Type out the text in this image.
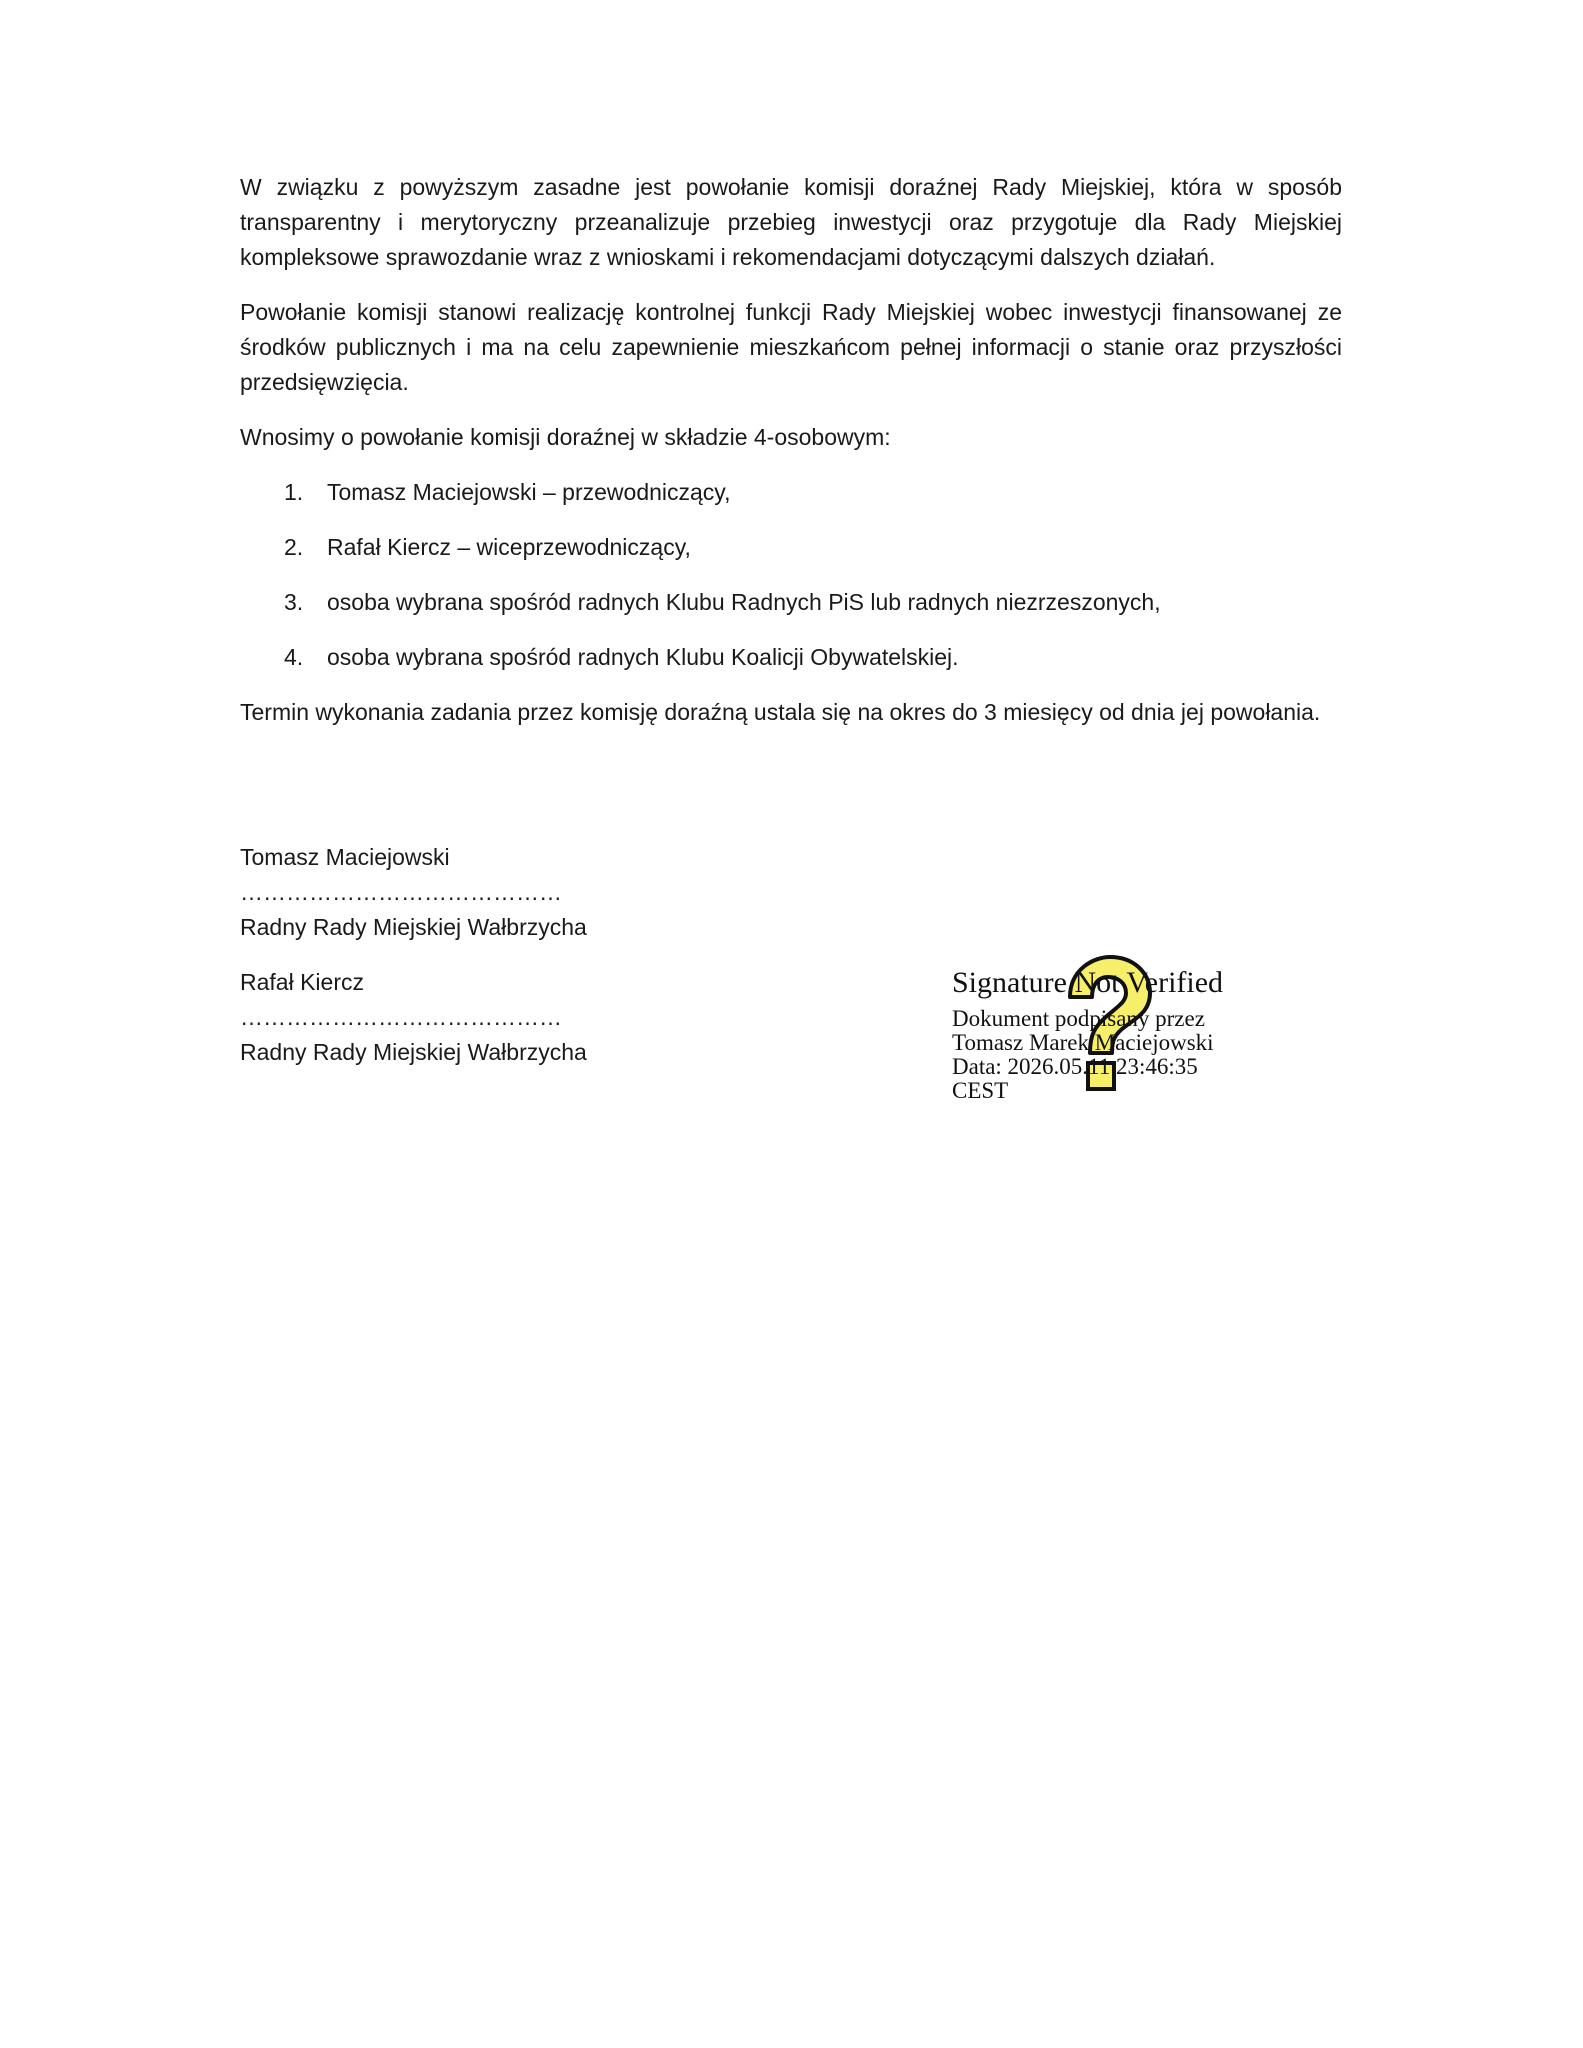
W związku z powyższym zasadne jest powołanie komisji doraźnej Rady Miejskiej, która w sposób transparentny i merytoryczny przeanalizuje przebieg inwestycji oraz przygotuje dla Rady Miejskiej kompleksowe sprawozdanie wraz z wnioskami i rekomendacjami dotyczącymi dalszych działań.

Powołanie komisji stanowi realizację kontrolnej funkcji Rady Miejskiej wobec inwestycji finansowanej ze środków publicznych i ma na celu zapewnienie mieszkańcom pełnej informacji o stanie oraz przyszłości przedsięwzięcia.

Wnosimy o powołanie komisji doraźnej w składzie 4-osobowym:

1. Tomasz Maciejowski – przewodniczący,
2. Rafał Kiercz – wiceprzewodniczący,
3. osoba wybrana spośród radnych Klubu Radnych PiS lub radnych niezrzeszonych,
4. osoba wybrana spośród radnych Klubu Koalicji Obywatelskiej.

Termin wykonania zadania przez komisję doraźną ustala się na okres do 3 miesięcy od dnia jej powołania.

Tomasz Maciejowski
……………………………………
Radny Rady Miejskiej Wałbrzycha
Rafał Kiercz
……………………………………
Radny Rady Miejskiej Wałbrzycha
Signature Not Verified
Dokument podpisany przez
Tomasz Marek Maciejowski
Data: 2026.05.11 23:46:35
CEST
